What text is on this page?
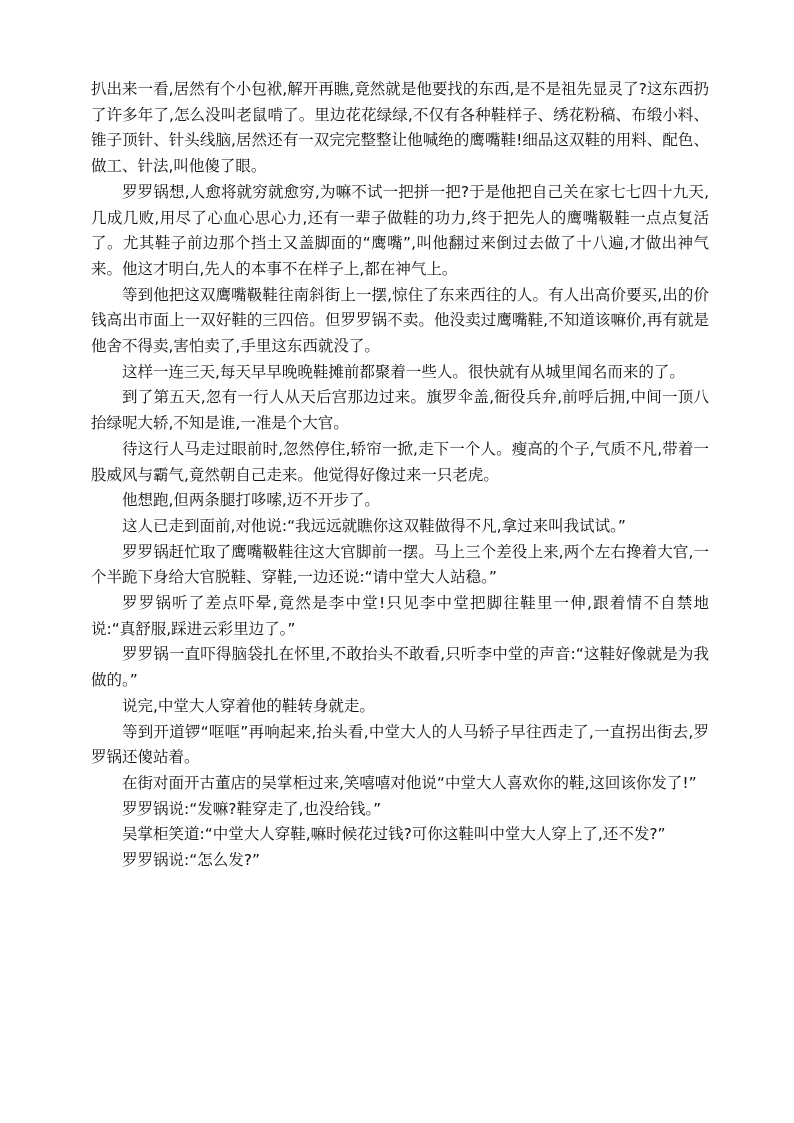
扒出来一看,居然有个小包袱,解开再瞧,竟然就是他要找的东西,是不是祖先显灵了?这东西扔了许多年了,怎么没叫老鼠啃了。里边花花绿绿,不仅有各种鞋样子、绣花粉稿、布缎小料、锥子顶针、针头线脑,居然还有一双完完整整让他喊绝的鹰嘴鞋!细品这双鞋的用料、配色、做工、针法,叫他傻了眼。

罗罗锅想,人愈将就穷就愈穷,为嘛不试一把拼一把?于是他把自己关在家七七四十九天,几成几败,用尽了心血心思心力,还有一辈子做鞋的功力,终于把先人的鹰嘴靸鞋一点点复活了。尤其鞋子前边那个挡土又盖脚面的“鹰嘴”,叫他翻过来倒过去做了十八遍,才做出神气来。他这才明白,先人的本事不在样子上,都在神气上。

等到他把这双鹰嘴靸鞋往南斜街上一摆,惊住了东来西往的人。有人出高价要买,出的价钱高出市面上一双好鞋的三四倍。但罗罗锅不卖。他没卖过鹰嘴鞋,不知道该嘛价,再有就是他舍不得卖,害怕卖了,手里这东西就没了。

这样一连三天,每天早早晚晚鞋摊前都聚着一些人。很快就有从城里闻名而来的了。

到了第五天,忽有一行人从天后宫那边过来。旗罗伞盖,衙役兵弁,前呼后拥,中间一顶八抬绿呢大轿,不知是谁,一准是个大官。

待这行人马走过眼前时,忽然停住,轿帘一掀,走下一个人。瘦高的个子,气质不凡,带着一股威风与霸气,竟然朝自己走来。他觉得好像过来一只老虎。

他想跑,但两条腿打哆嗦,迈不开步了。

这人已走到面前,对他说:“我远远就瞧你这双鞋做得不凡,拿过来叫我试试。”

罗罗锅赶忙取了鹰嘴靸鞋往这大官脚前一摆。马上三个差役上来,两个左右搀着大官,一个半跪下身给大官脱鞋、穿鞋,一边还说:“请中堂大人站稳。”

罗罗锅听了差点吓晕,竟然是李中堂!只见李中堂把脚往鞋里一伸,跟着情不自禁地说:“真舒服,踩进云彩里边了。”

罗罗锅一直吓得脑袋扎在怀里,不敢抬头不敢看,只听李中堂的声音:“这鞋好像就是为我做的。”

说完,中堂大人穿着他的鞋转身就走。

等到开道锣“哐哐”再响起来,抬头看,中堂大人的人马轿子早往西走了,一直拐出街去,罗罗锅还傻站着。

在街对面开古董店的吴掌柜过来,笑嘻嘻对他说“中堂大人喜欢你的鞋,这回该你发了!”

罗罗锅说:“发嘛?鞋穿走了,也没给钱。”

吴掌柜笑道:“中堂大人穿鞋,嘛时候花过钱?可你这鞋叫中堂大人穿上了,还不发?”

罗罗锅说:“怎么发?”
